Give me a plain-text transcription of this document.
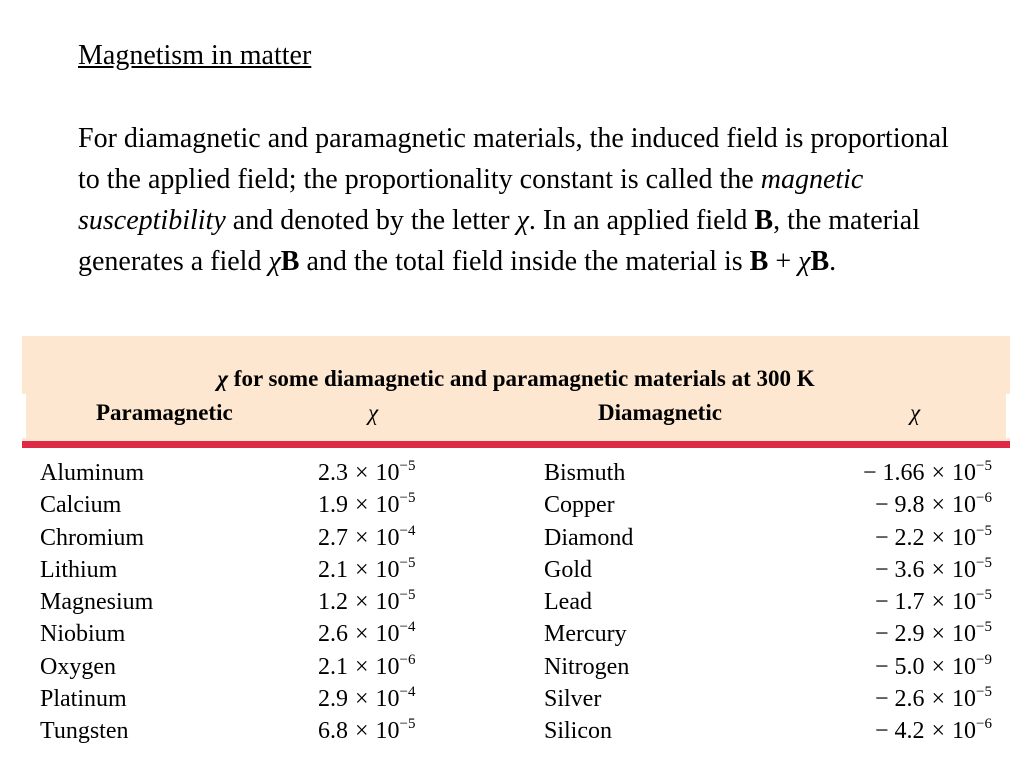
Magnetism in matter

For diamagnetic and paramagnetic materials, the induced field is proportional to the applied field; the proportionality constant is called the magnetic susceptibility and denoted by the letter χ. In an applied field B, the material generates a field χB and the total field inside the material is B + χB.

χ for some diamagnetic and paramagnetic materials at 300 K
Paramagnetic	χ	Diamagnetic	χ
Aluminum	$2.3 \times 10^{-5}$	Bismuth	− $1.66 \times 10^{-5}$
Calcium	$1.9 \times 10^{-5}$	Copper	− $9.8 \times 10^{-6}$
Chromium	$2.7 \times 10^{-4}$	Diamond	− $2.2 \times 10^{-5}$
Lithium	$2.1 \times 10^{-5}$	Gold	− $3.6 \times 10^{-5}$
Magnesium	$1.2 \times 10^{-5}$	Lead	− $1.7 \times 10^{-5}$
Niobium	$2.6 \times 10^{-4}$	Mercury	− $2.9 \times 10^{-5}$
Oxygen	$2.1 \times 10^{-6}$	Nitrogen	− $5.0 \times 10^{-9}$
Platinum	$2.9 \times 10^{-4}$	Silver	− $2.6 \times 10^{-5}$
Tungsten	$6.8 \times 10^{-5}$	Silicon	− $4.2 \times 10^{-6}$
